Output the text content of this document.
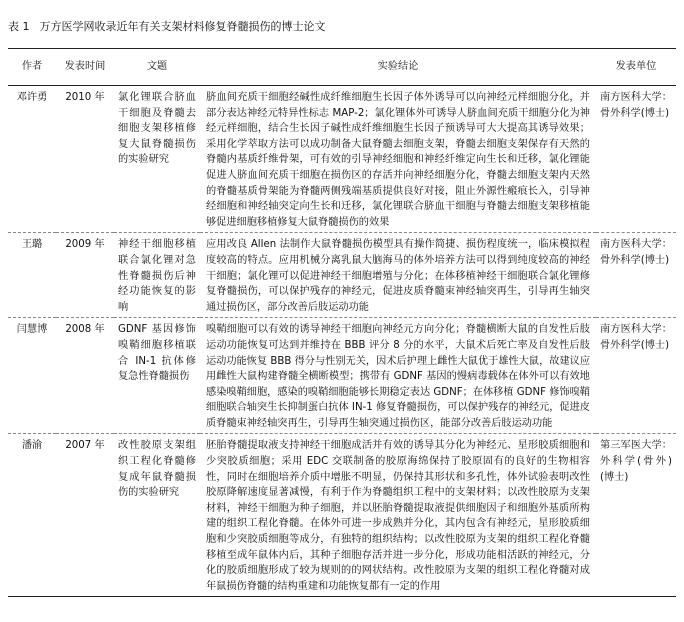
表 1 万方医学网收录近年有关支架材料修复脊髓损伤的博士论文
作者	发表时间	文题	实验结论	发表单位
邓许勇	2010 年	氯化锂联合脐血干细胞及脊髓去细胞支架移植修复大鼠脊髓损伤的实验研究	脐血间充质干细胞经碱性成纤维细胞生长因子体外诱导可以向神经元样细胞分化，并部分表达神经元特异性标志 MAP-2；氯化锂体外可诱导人脐血间充质干细胞分化为神经元样细胞，结合生长因子碱性成纤维细胞生长因子预诱导可大大提高其诱导效果；采用化学萃取方法可以成功制备大鼠脊髓去细胞支架，脊髓去细胞支架保存有天然的脊髓内基质纤维骨架，可有效的引导神经细胞和神经纤维定向生长和迁移，氯化锂能促进人脐血间充质干细胞在损伤区的存活并向神经细胞分化，脊髓去细胞支架内天然的脊髓基质骨架能为脊髓两侧残端基质提供良好对接，阻止外源性瘢痕长入，引导神经细胞和神经轴突定向生长和迁移，氯化锂联合脐血干细胞与脊髓去细胞支架移植能够促进细胞移植修复大鼠脊髓损伤的效果	南方医科大学：骨外科学(博士)
王璐	2009 年	神经干细胞移植联合氯化锂对急性脊髓损伤后神经功能恢复的影响	应用改良 Allen 法制作大鼠脊髓损伤模型具有操作简捷、损伤程度统一，临床模拟程度较高的特点。应用机械分离乳鼠大脑海马的体外培养方法可以得到纯度较高的神经干细胞；氯化锂可以促进神经干细胞增殖与分化；在体移植神经干细胞联合氯化锂修复脊髓损伤，可以保护残存的神经元，促进皮质脊髓束神经轴突再生，引导再生轴突通过损伤区，部分改善后肢运动功能	南方医科大学：骨外科学(博士)
闫慧博	2008 年	GDNF 基因修饰嗅鞘细胞移植联合 IN-1 抗体修复急性脊髓损伤	嗅鞘细胞可以有效的诱导神经干细胞向神经元方向分化；脊髓横断大鼠的自发性后肢运动功能恢复可达到并维持在 BBB 评分 8 分的水平，大鼠术后死亡率及自发性后肢运动功能恢复 BBB 得分与性别无关，因术后护理上雌性大鼠优于雄性大鼠，故建议应用雌性大鼠构建脊髓全横断模型；携带有 GDNF 基因的慢病毒载体在体外可以有效地感染嗅鞘细胞，感染的嗅鞘细胞能够长期稳定表达 GDNF；在体移植 GDNF 修饰嗅鞘细胞联合轴突生长抑制蛋白抗体 IN-1 修复脊髓损伤，可以保护残存的神经元，促进皮质脊髓束神经轴突再生，引导再生轴突通过损伤区，能部分改善后肢运动功能	南方医科大学：骨外科学(博士)
潘渝	2007 年	改性胶原支架组织工程化脊髓修复成年鼠脊髓损伤的实验研究	胚胎脊髓提取液支持神经干细胞成活并有效的诱导其分化为神经元、星形胶质细胞和少突胶质细胞；采用 EDC 交联制备的胶原海绵保持了胶原固有的良好的生物相容性，同时在细胞培养介质中增胀不明显，仍保持其形状和多孔性，体外试验表明改性胶原降解速度显著减慢，有利于作为脊髓组织工程中的支架材料；以改性胶原为支架材料，神经干细胞为种子细胞，并以胚胎脊髓提取液提供细胞因子和细胞外基质所构建的组织工程化脊髓。在体外可进一步成熟并分化，其内包含有神经元，星形胶质细胞和少突胶质细胞等成分，有独特的组织结构；以改性胶原为支架的组织工程化脊髓移植至成年鼠体内后，其种子细胞存活并进一步分化，形成功能相活跃的神经元，分化的胶质细胞形成了较为规则的的网状结构。改性胶原为支架的组织工程化脊髓对成年鼠损伤脊髓的结构重建和功能恢复都有一定的作用	第三军医大学：外科学(骨外) (博士)
